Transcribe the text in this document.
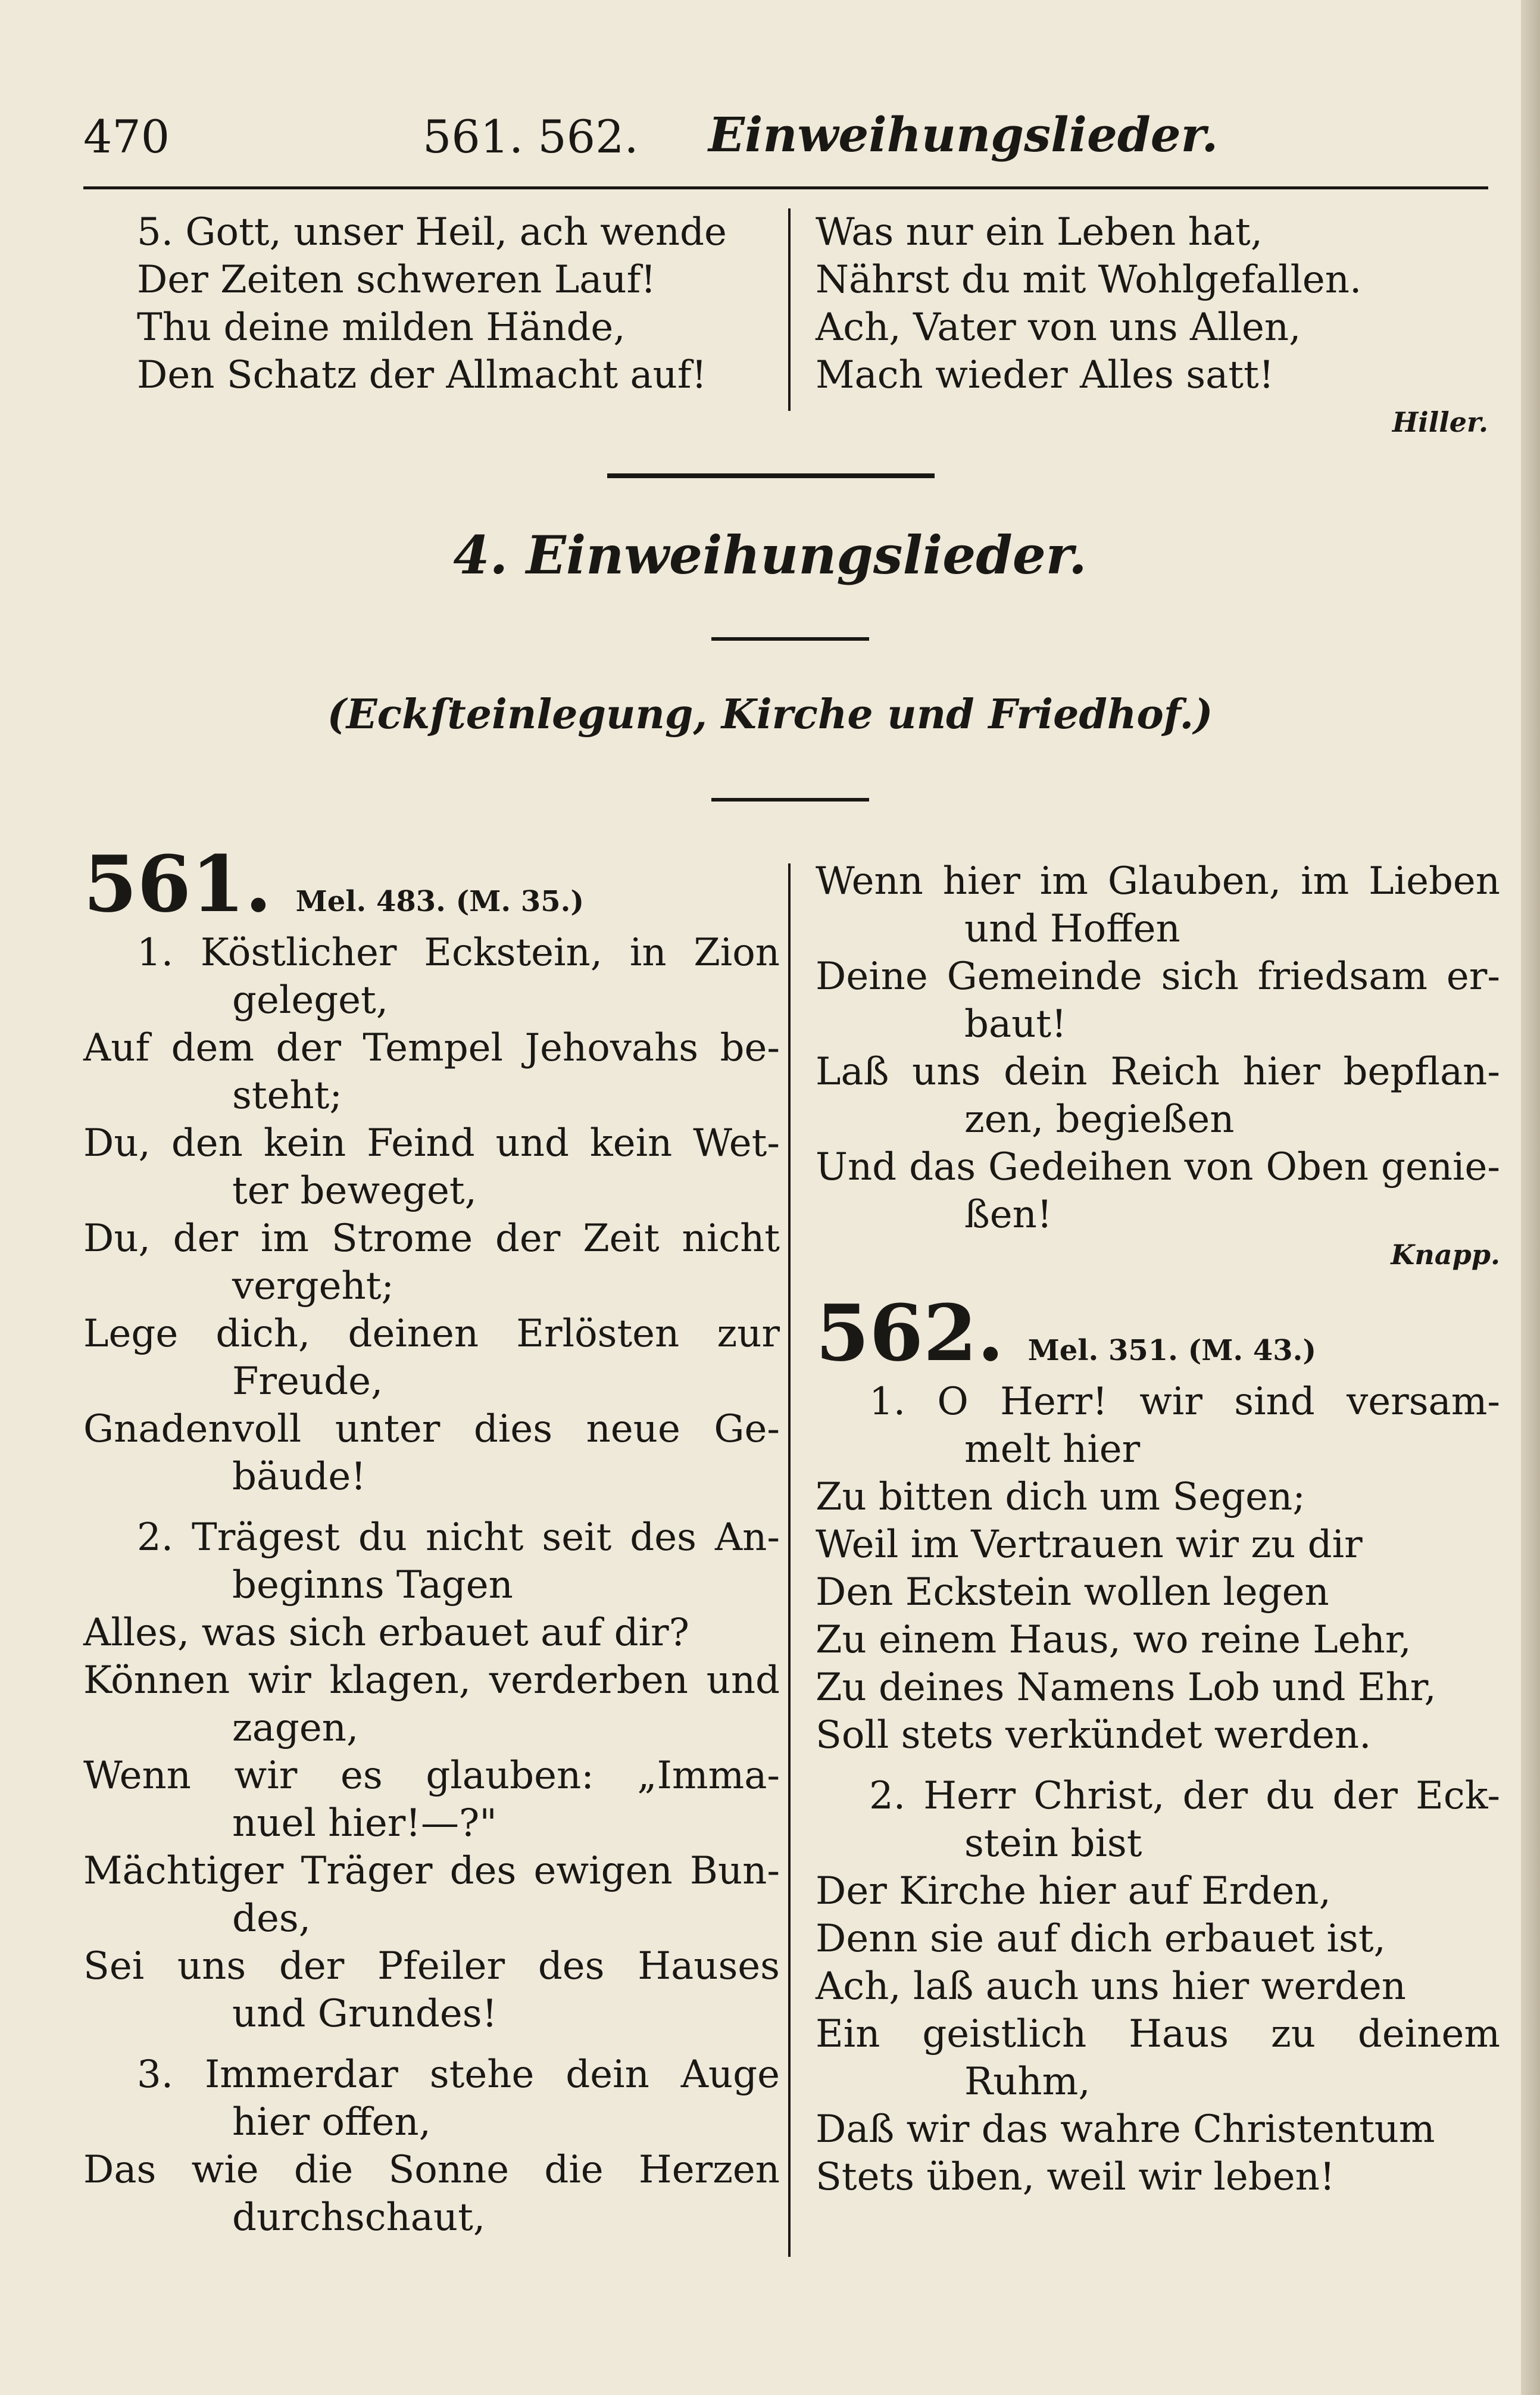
470	561. 562. Einweihungslieder.
5. Gott, unser Heil, ach wende
Der Zeiten schweren Lauf!
Thu deine milden Hände,
Den Schatz der Allmacht auf!
Was nur ein Leben hat,
Nährst du mit Wohlgefallen.
Ach, Vater von uns Allen,
Mach wieder Alles satt!
Hiller.
4. Einweihungslieder.
(Eckſteinlegung, Kirche und Friedhof.)
561. Mel. 483. (M. 35.)
1. Köstlicher Eckstein, in Zion
geleget,
Auf dem der Tempel Jehovahs be-
steht;
Du, den kein Feind und kein Wet-
ter beweget,
Du, der im Strome der Zeit nicht
vergeht;
Lege dich, deinen Erlösten zur
Freude,
Gnadenvoll unter dies neue Ge-
bäude!
2. Trägest du nicht seit des An-
beginns Tagen
Alles, was sich erbauet auf dir?
Können wir klagen, verderben und
zagen,
Wenn wir es glauben: „Imma-
nuel hier!—?"
Mächtiger Träger des ewigen Bun-
des,
Sei uns der Pfeiler des Hauses
und Grundes!
3. Immerdar stehe dein Auge
hier offen,
Das wie die Sonne die Herzen
durchschaut,
Wenn hier im Glauben, im Lieben
und Hoffen
Deine Gemeinde sich friedsam er-
baut!
Laß uns dein Reich hier bepflan-
zen, begießen
Und das Gedeihen von Oben genie-
ßen!
Knapp.
562. Mel. 351. (M. 43.)
1. O Herr! wir sind versam-
melt hier
Zu bitten dich um Segen;
Weil im Vertrauen wir zu dir
Den Eckstein wollen legen
Zu einem Haus, wo reine Lehr,
Zu deines Namens Lob und Ehr,
Soll stets verkündet werden.
2. Herr Christ, der du der Eck-
stein bist
Der Kirche hier auf Erden,
Denn sie auf dich erbauet ist,
Ach, laß auch uns hier werden
Ein geistlich Haus zu deinem
Ruhm,
Daß wir das wahre Christentum
Stets üben, weil wir leben!
